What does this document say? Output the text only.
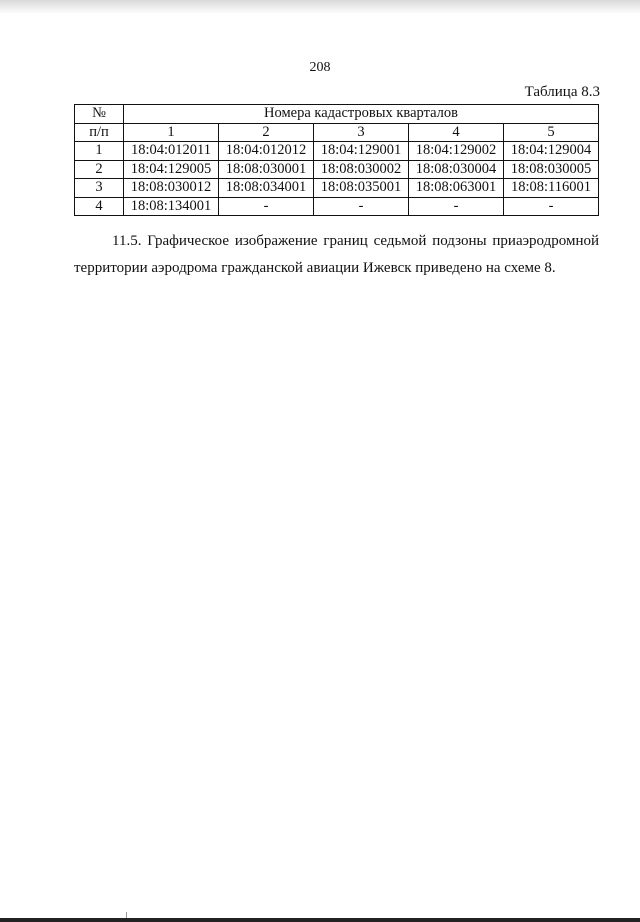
208
Таблица 8.3
№	Номера кадастровых кварталов				
п/п	1	2	3	4	5
1	18:04:012011	18:04:012012	18:04:129001	18:04:129002	18:04:129004
2	18:04:129005	18:08:030001	18:08:030002	18:08:030004	18:08:030005
3	18:08:030012	18:08:034001	18:08:035001	18:08:063001	18:08:116001
4	18:08:134001	-	-	-	-
11.5. Графическое изображение границ седьмой подзоны приаэродромной территории аэродрома гражданской авиации Ижевск приведено на схеме 8.
